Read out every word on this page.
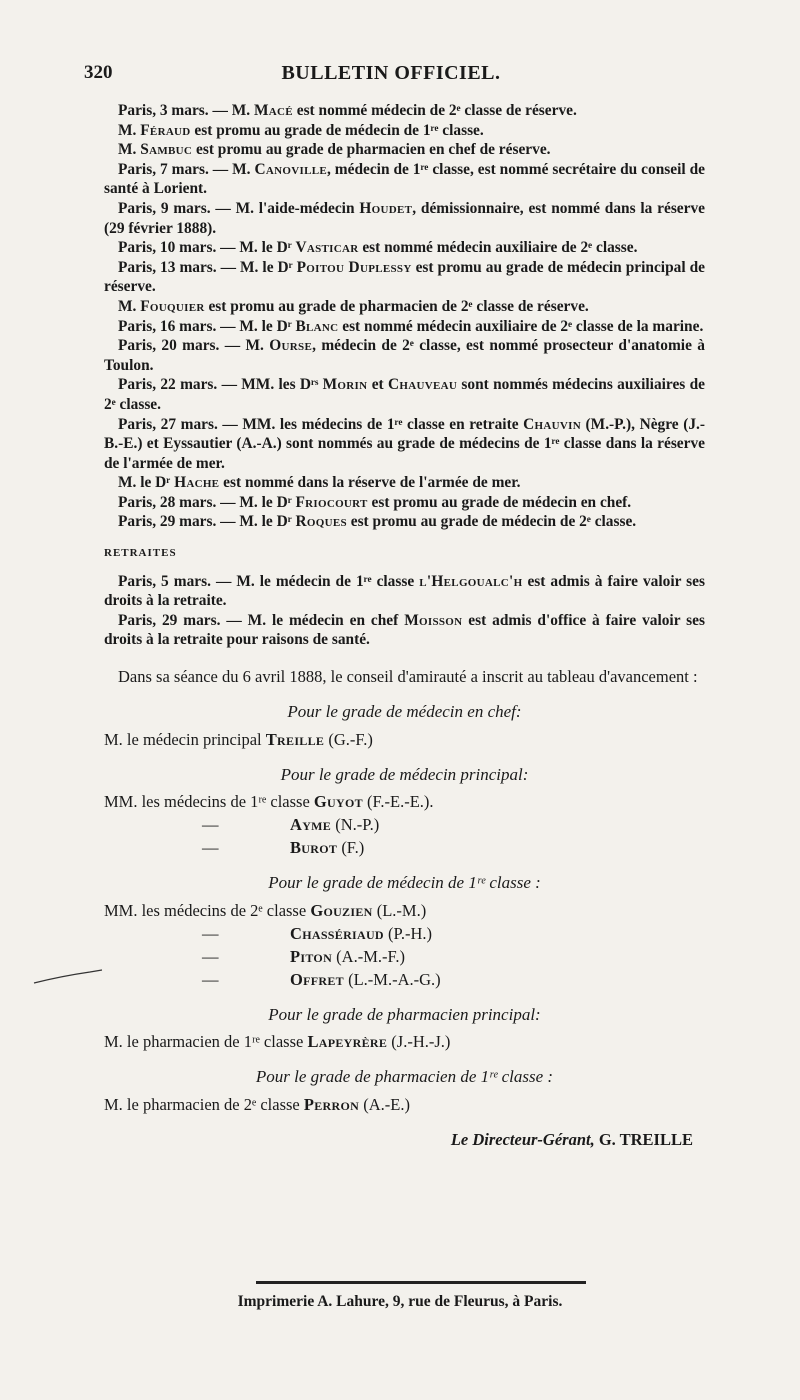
320	BULLETIN OFFICIEL.

Paris, 3 mars. — M. Macé est nommé médecin de 2ᵉ classe de réserve.

M. Féraud est promu au grade de médecin de 1ʳᵉ classe.

M. Sambuc est promu au grade de pharmacien en chef de réserve.

Paris, 7 mars. — M. Canoville, médecin de 1ʳᵉ classe, est nommé secrétaire du conseil de santé à Lorient.

Paris, 9 mars. — M. l'aide-médecin Houdet, démissionnaire, est nommé dans la réserve (29 février 1888).

Paris, 10 mars. — M. le Dʳ Vasticar est nommé médecin auxiliaire de 2ᵉ classe.

Paris, 13 mars. — M. le Dʳ Poitou Duplessy est promu au grade de médecin principal de réserve.

M. Fouquier est promu au grade de pharmacien de 2ᵉ classe de réserve.

Paris, 16 mars. — M. le Dʳ Blanc est nommé médecin auxiliaire de 2ᵉ classe de la marine.

Paris, 20 mars. — M. Ourse, médecin de 2ᵉ classe, est nommé prosecteur d'anatomie à Toulon.

Paris, 22 mars. — MM. les Dʳˢ Morin et Chauveau sont nommés médecins auxiliaires de 2ᵉ classe.

Paris, 27 mars. — MM. les médecins de 1ʳᵉ classe en retraite Chauvin (M.-P.), Nègre (J.-B.-E.) et Eyssautier (A.-A.) sont nommés au grade de médecins de 1ʳᵉ classe dans la réserve de l'armée de mer.

M. le Dʳ Hache est nommé dans la réserve de l'armée de mer.

Paris, 28 mars. — M. le Dʳ Friocourt est promu au grade de médecin en chef.

Paris, 29 mars. — M. le Dʳ Roques est promu au grade de médecin de 2ᵉ classe.

RETRAITES

Paris, 5 mars. — M. le médecin de 1ʳᵉ classe l'Helgoualc'h est admis à faire valoir ses droits à la retraite.

Paris, 29 mars. — M. le médecin en chef Moisson est admis d'office à faire valoir ses droits à la retraite pour raisons de santé.

Dans sa séance du 6 avril 1888, le conseil d'amirauté a inscrit au tableau d'avancement :

Pour le grade de médecin en chef:
M. le médecin principal Treille (G.-F.)
Pour le grade de médecin principal:
MM. les médecins de 1ʳᵉ classe Guyot (F.-E.-E.).
—	Ayme (N.-P.)
—	Burot (F.)
Pour le grade de médecin de 1ʳᵉ classe :
MM. les médecins de 2ᵉ classe Gouzien (L.-M.)
—	Chassériaud (P.-H.)
—	Piton (A.-M.-F.)
—	Offret (L.-M.-A.-G.)
Pour le grade de pharmacien principal:
M. le pharmacien de 1ʳᵉ classe Lapeyrère (J.-H.-J.)
Pour le grade de pharmacien de 1ʳᵉ classe :
M. le pharmacien de 2ᵉ classe Perron (A.-E.)
Le Directeur-Gérant, G. TREILLE
Imprimerie A. Lahure, 9, rue de Fleurus, à Paris.
